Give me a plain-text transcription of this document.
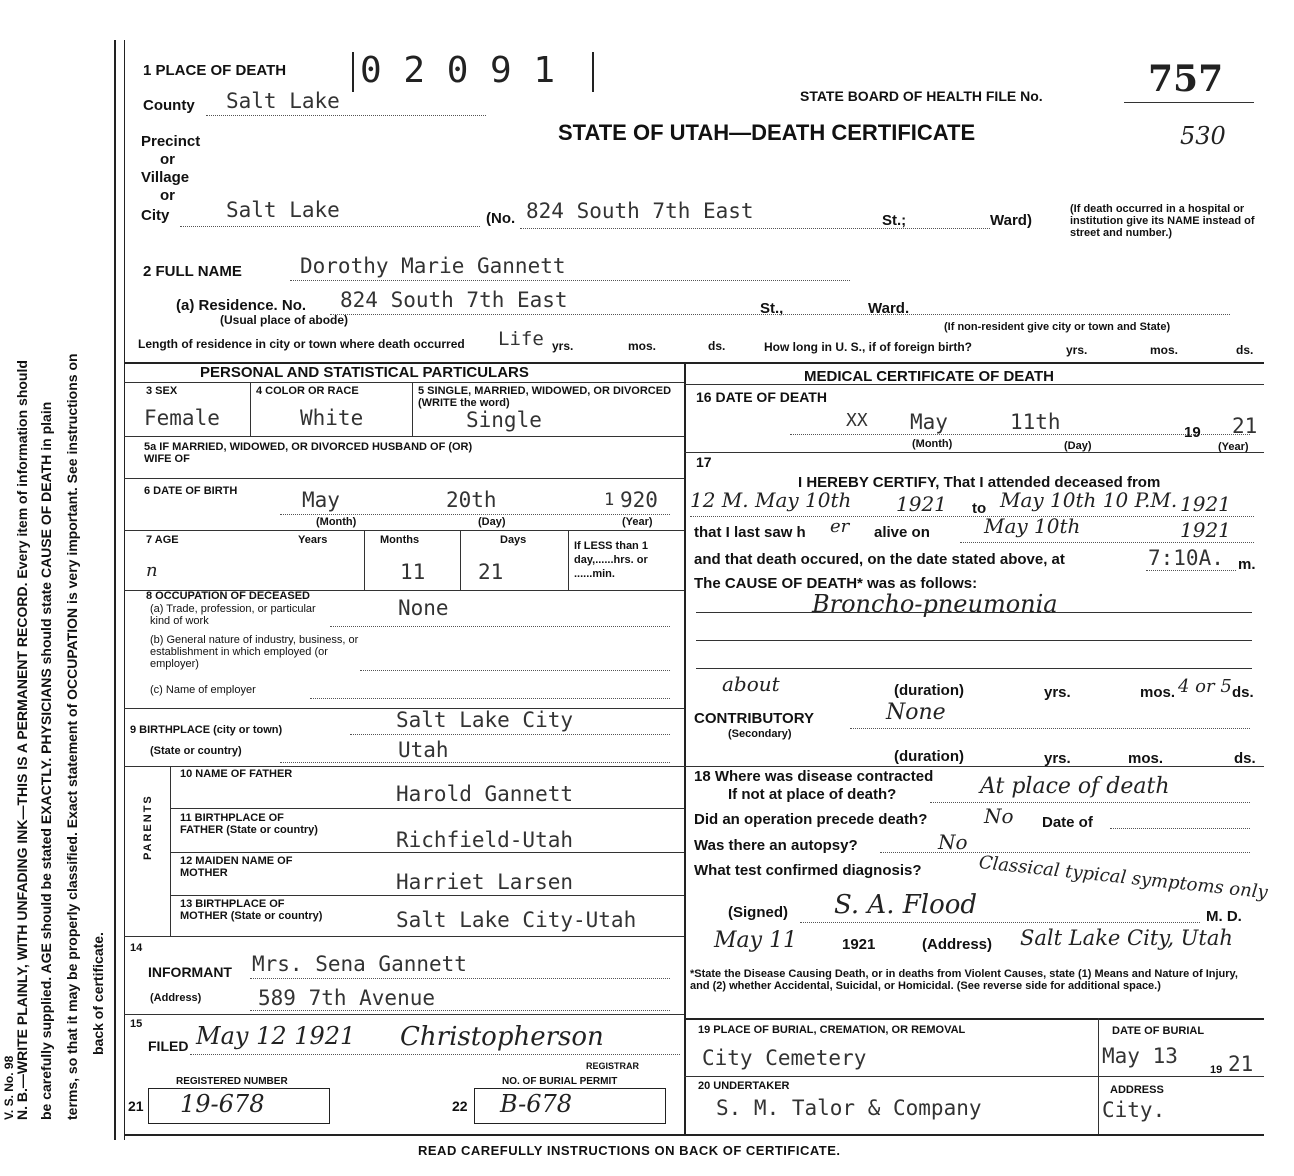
V. S. No. 98
N. B.—WRITE PLAINLY, WITH UNFADING INK—THIS IS A PERMANENT RECORD. Every item of information should be carefully supplied. AGE should be stated EXACTLY. PHYSICIANS should state CAUSE OF DEATH in plain terms, so that it may be properly classified. Exact statement of OCCUPATION is very important. See instructions on back of certificate.
1 PLACE OF DEATH 0 2 0 9 1
STATE BOARD OF HEALTH FILE No.	757
STATE OF UTAH—DEATH CERTIFICATE	530
County Salt Lake
Precinct
or
Village
or
City	Salt Lake	(No. 824 South 7th East	St.;	Ward)
(If death occurred in a hospital or institution give its NAME instead of street and number.)
2 FULL NAME	Dorothy Marie Gannett
(a) Residence. No. 824 South 7th East
(Usual place of abode)
St.,	Ward.
(If non-resident give city or town and State)
Length of residence in city or town where death occurred Life yrs.	mos.	ds.	How long in U. S., if of foreign birth?	yrs.	mos.	ds.
PERSONAL AND STATISTICAL PARTICULARS
3 SEX
Female
4 COLOR OR RACE
White
5 SINGLE, MARRIED, WIDOWED, OR DIVORCED (WRITE the word)
Single
5a IF MARRIED, WIDOWED, OR DIVORCED HUSBAND OF (OR) WIFE OF
6 DATE OF BIRTH	May	20th	1 920
(Month)	(Day)	(Year)
7 AGE	Years	Months	Days
n	11	21
If LESS than 1 day,......hrs. or ......min.
8 OCCUPATION OF DECEASED
(a) Trade, profession, or particular kind of work
None
(b) General nature of industry, business, or establishment in which employed (or employer)
(c) Name of employer
9 BIRTHPLACE (city or town)	Salt Lake City
(State or country)	Utah
PARENTS
10 NAME OF FATHER
Harold Gannett
11 BIRTHPLACE OF FATHER (State or country)	Richfield-Utah
12 MAIDEN NAME OF MOTHER	Harriet Larsen
13 BIRTHPLACE OF MOTHER (State or country)	Salt Lake City-Utah
14
INFORMANT Mrs. Sena Gannett
(Address)	589 7th Avenue
15
FILED May 12 1921 Christopherson
REGISTRAR
REGISTERED NUMBER	NO. OF BURIAL PERMIT
21 19-678	22 B-678
MEDICAL CERTIFICATE OF DEATH
16 DATE OF DEATH
XX May	11th	19 21
(Month)	(Day)	(Year)
17
I HEREBY CERTIFY, That I attended deceased from
12 M. May 10th 1921 to May 10th 10 P.M. 1921
that I last saw h er alive on	May 10th	1921
and that death occured, on the date stated above, at	7:10A. m.
The CAUSE OF DEATH* was as follows:
Broncho-pneumonia
about	(duration)	yrs.	mos. 4 or 5 ds.
CONTRIBUTORY
(Secondary)
None
(duration)	yrs.	mos.	ds.
18 Where was disease contracted
If not at place of death?	At place of death
Did an operation precede death?	No Date of
Was there an autopsy?	No
What test confirmed diagnosis?	Classical typical symptoms only
(Signed) S. A. Flood	M. D.
May 11	1921	(Address) Salt Lake City, Utah
*State the Disease Causing Death, or in deaths from Violent Causes, state (1) Means and Nature of Injury, and (2) whether Accidental, Suicidal, or Homicidal. (See reverse side for additional space.)
19 PLACE OF BURIAL, CREMATION, OR REMOVAL
City Cemetery
DATE OF BURIAL
May 13
19 21
20 UNDERTAKER
S. M. Talor & Company
ADDRESS
City.
READ CAREFULLY INSTRUCTIONS ON BACK OF CERTIFICATE.
